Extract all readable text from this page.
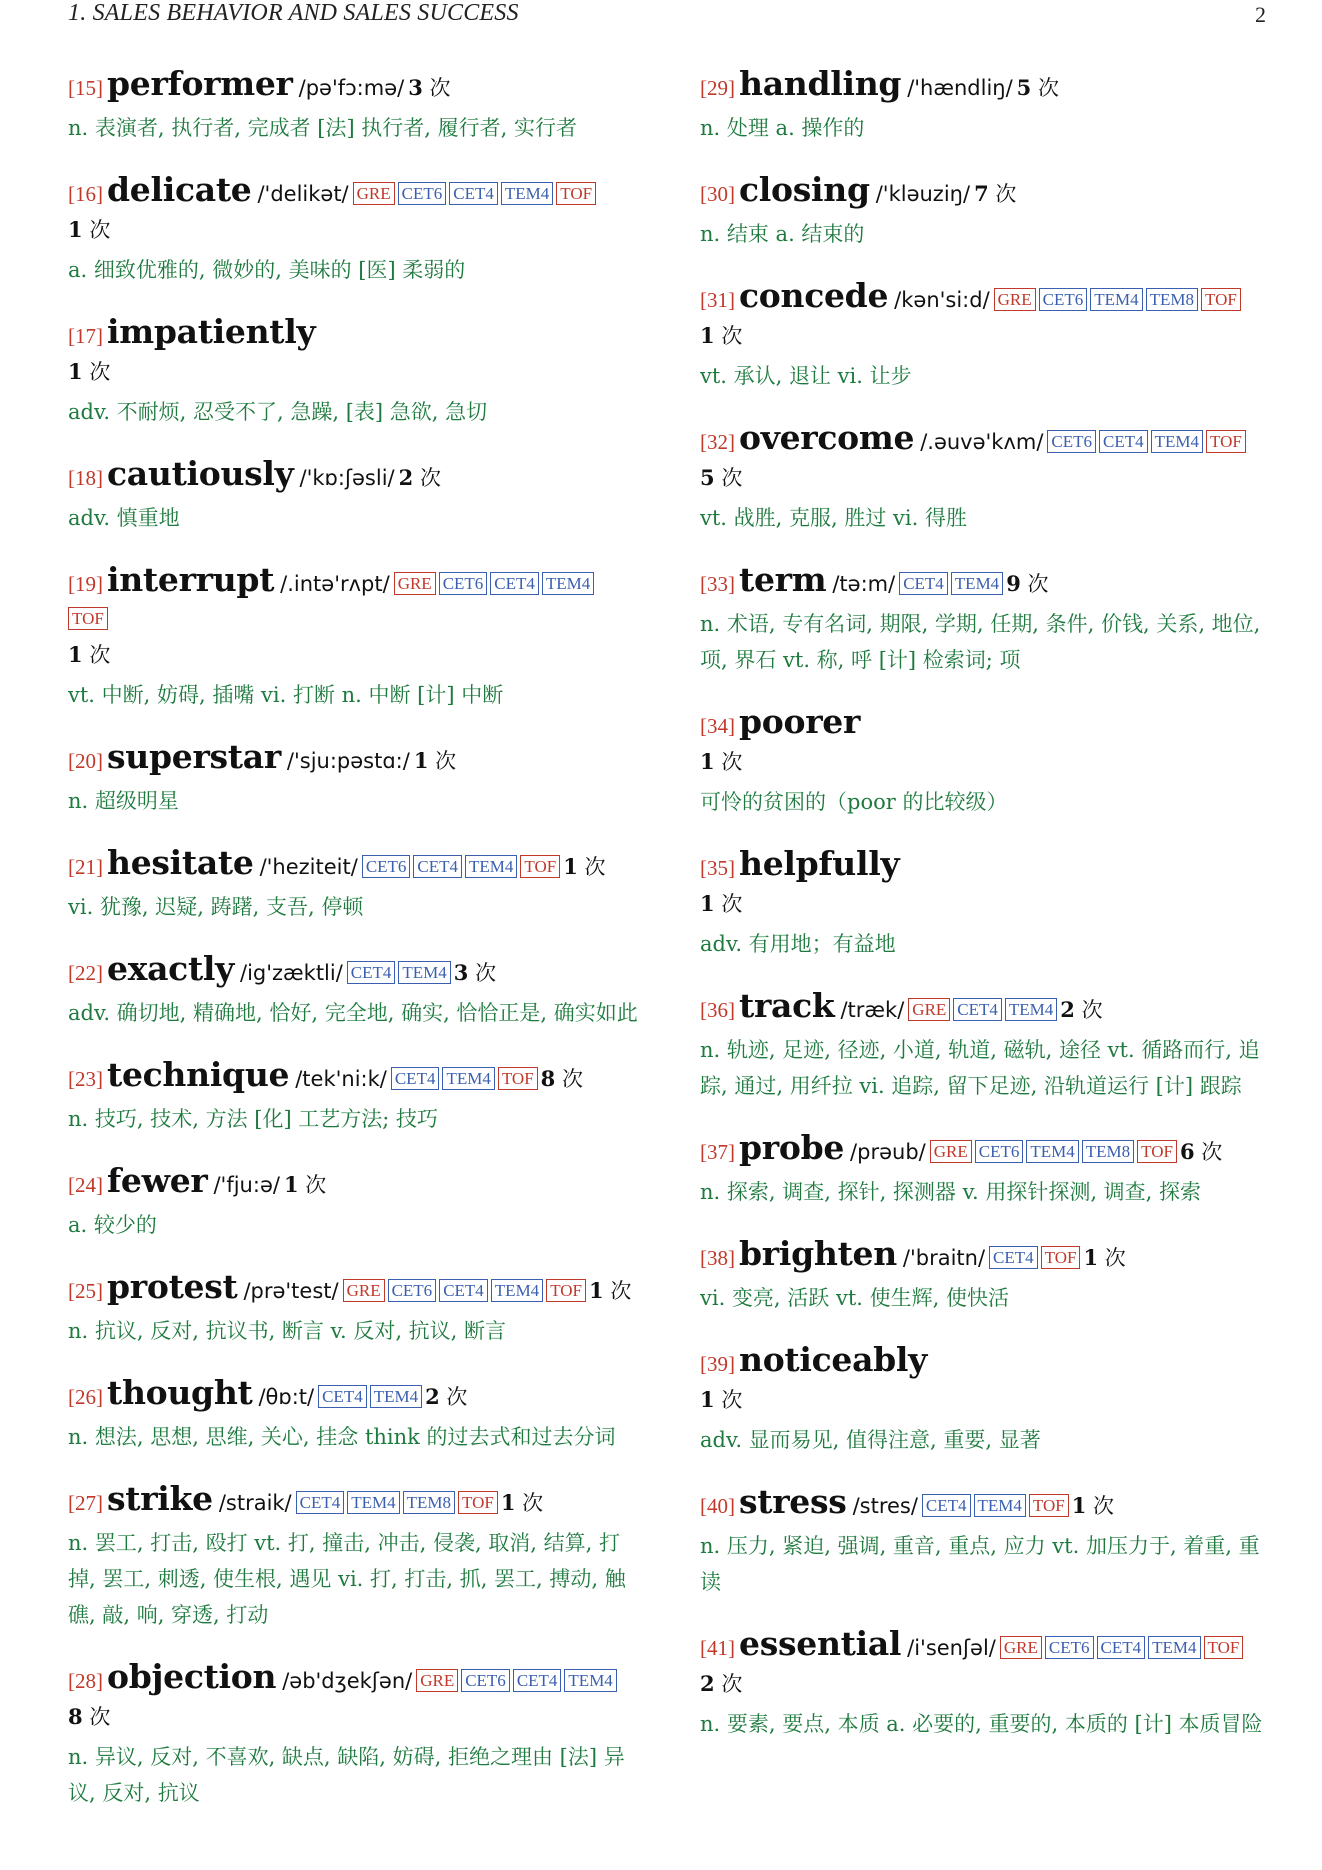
1. SALES BEHAVIOR AND SALES SUCCESS	2
[15] performer /pə'fɔ:mə/ 3 次
n. 表演者, 执行者, 完成者 [法] 执行者, 履行者, 实行者
[16] delicate /'delikət/ GRE CET6 CET4 TEM4 TOF
1 次
a. 细致优雅的, 微妙的, 美味的 [医] 柔弱的
[17] impatiently
1 次
adv. 不耐烦, 忍受不了, 急躁, [表] 急欲, 急切
[18] cautiously /'kɒ:ʃəsli/ 2 次
adv. 慎重地
[19] interrupt /.intə'rʌpt/ GRE CET6 CET4 TEM4TOF
1 次
vt. 中断, 妨碍, 插嘴 vi. 打断 n. 中断 [计] 中断
[20] superstar /'sju:pəstɑ:/ 1 次
n. 超级明星
[21] hesitate /'heziteit/ CET6 CET4 TEM4 TOF 1 次
vi. 犹豫, 迟疑, 踌躇, 支吾, 停顿
[22] exactly /ig'zæktli/ CET4 TEM4 3 次
adv. 确切地, 精确地, 恰好, 完全地, 确实, 恰恰正是, 确实如此
[23] technique /tek'ni:k/ CET4 TEM4 TOF 8 次
n. 技巧, 技术, 方法 [化] 工艺方法; 技巧
[24] fewer /'fju:ə/ 1 次
a. 较少的
[25] protest /prə'test/ GRE CET6 CET4 TEM4 TOF 1 次
n. 抗议, 反对, 抗议书, 断言 v. 反对, 抗议, 断言
[26] thought /θɒ:t/ CET4 TEM4 2 次
n. 想法, 思想, 思维, 关心, 挂念 think 的过去式和过去分词
[27] strike /straik/ CET4 TEM4 TEM8 TOF 1 次
n. 罢工, 打击, 殴打 vt. 打, 撞击, 冲击, 侵袭, 取消, 结算, 打掉, 罢工, 刺透, 使生根, 遇见 vi. 打, 打击, 抓, 罢工, 搏动, 触礁, 敲, 响, 穿透, 打动
[28] objection /əb'dʒekʃən/ GRE CET6 CET4 TEM4
8 次
n. 异议, 反对, 不喜欢, 缺点, 缺陷, 妨碍, 拒绝之理由 [法] 异议, 反对, 抗议
[29] handling /'hændliŋ/ 5 次
n. 处理 a. 操作的
[30] closing /'kləuziŋ/ 7 次
n. 结束 a. 结束的
[31] concede /kən'si:d/ GRE CET6 TEM4 TEM8 TOF
1 次
vt. 承认, 退让 vi. 让步
[32] overcome /.əuvə'kʌm/ CET6 CET4 TEM4 TOF
5 次
vt. 战胜, 克服, 胜过 vi. 得胜
[33] term /tə:m/ CET4 TEM4 9 次
n. 术语, 专有名词, 期限, 学期, 任期, 条件, 价钱, 关系, 地位, 项, 界石 vt. 称, 呼 [计] 检索词; 项
[34] poorer
1 次
可怜的贫困的（poor 的比较级）
[35] helpfully
1 次
adv. 有用地；有益地
[36] track /træk/ GRE CET4 TEM4 2 次
n. 轨迹, 足迹, 径迹, 小道, 轨道, 磁轨, 途径 vt. 循路而行, 追踪, 通过, 用纤拉 vi. 追踪, 留下足迹, 沿轨道运行 [计] 跟踪
[37] probe /prəub/ GRE CET6 TEM4 TEM8 TOF 6 次
n. 探索, 调查, 探针, 探测器 v. 用探针探测, 调查, 探索
[38] brighten /'braitn/ CET4 TOF 1 次
vi. 变亮, 活跃 vt. 使生辉, 使快活
[39] noticeably
1 次
adv. 显而易见, 值得注意, 重要, 显著
[40] stress /stres/ CET4 TEM4 TOF 1 次
n. 压力, 紧迫, 强调, 重音, 重点, 应力 vt. 加压力于, 着重, 重读
[41] essential /i'senʃəl/ GRE CET6 CET4 TEM4 TOF
2 次
n. 要素, 要点, 本质 a. 必要的, 重要的, 本质的 [计] 本质冒险
